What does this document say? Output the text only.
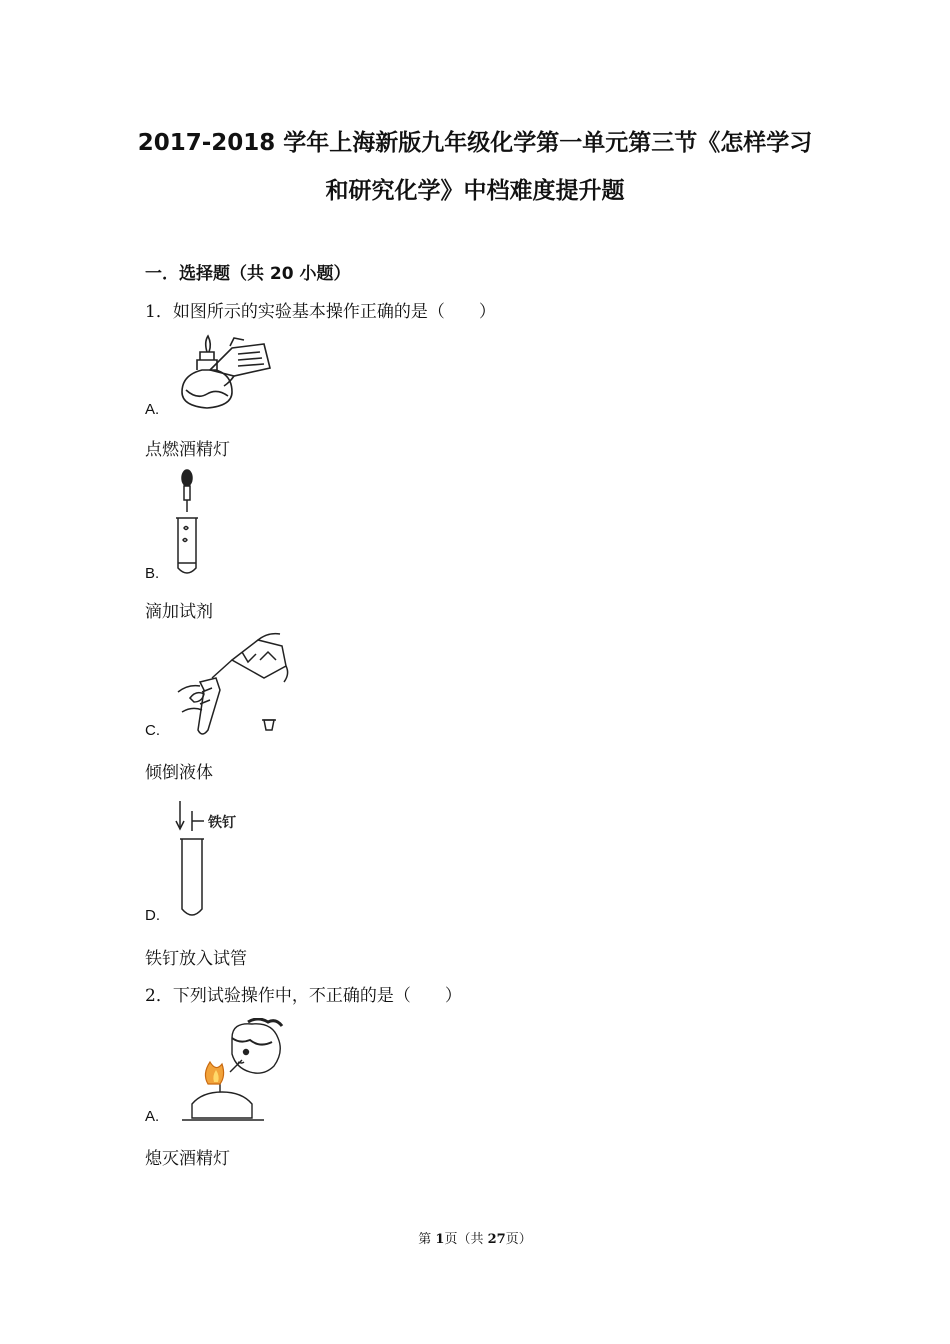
2017-2018 学年上海新版九年级化学第一单元第三节《怎样学习
和研究化学》中档难度提升题
一．选择题（共 20 小题）
1．如图所示的实验基本操作正确的是（　　）
A.
点燃酒精灯
B.
滴加试剂
C.
倾倒液体
铁钉
D.
铁钉放入试管
2．下列试验操作中，不正确的是（　　）
A.
熄灭酒精灯
第 1页（共 27页）
